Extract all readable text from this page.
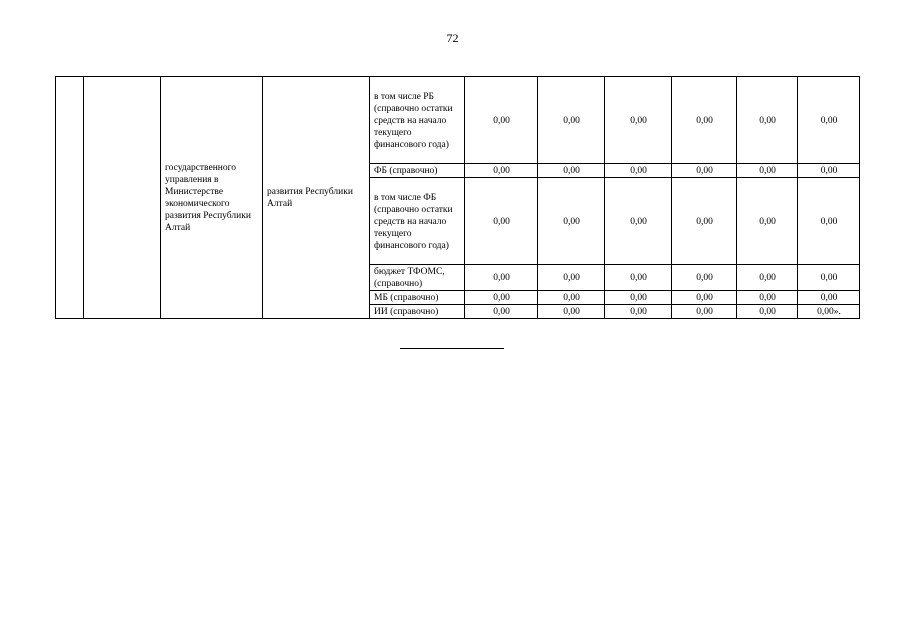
72
		государственного управления в Министерстве экономического развития Республики Алтай	развития Республики Алтай	в том числе РБ (справочно остатки средств на начало текущего финансового года)	0,00	0,00	0,00	0,00	0,00	0,00
				ФБ (справочно)	0,00	0,00	0,00	0,00	0,00	0,00
				в том числе ФБ (справочно остатки средств на начало текущего финансового года)	0,00	0,00	0,00	0,00	0,00	0,00
				бюджет ТФОМС, (справочно)	0,00	0,00	0,00	0,00	0,00	0,00
				МБ (справочно)	0,00	0,00	0,00	0,00	0,00	0,00
				ИИ (справочно)	0,00	0,00	0,00	0,00	0,00	0,00».
